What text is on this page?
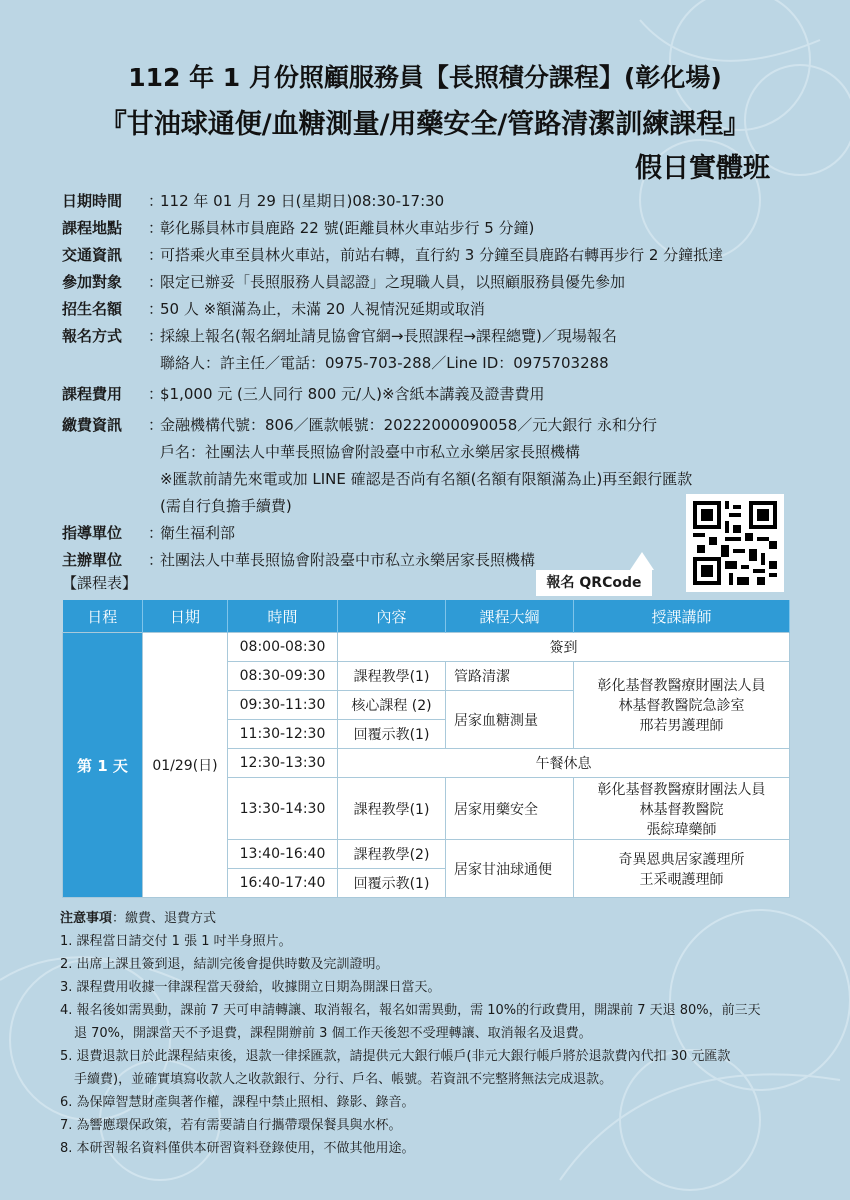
112 年 1 月份照顧服務員【長照積分課程】(彰化場)
『甘油球通便/血糖測量/用藥安全/管路清潔訓練課程』
假日實體班
日期時間	：
112 年 01 月 29 日(星期日)08:30-17:30
課程地點	：
彰化縣員林市員鹿路 22 號(距離員林火車站步行 5 分鐘)
交通資訊	：
可搭乘火車至員林火車站，前站右轉，直行約 3 分鐘至員鹿路右轉再步行 2 分鐘抵達
參加對象	：
限定已辦妥「長照服務人員認證」之現職人員，以照顧服務員優先參加
招生名額	：
50 人 ※額滿為止，未滿 20 人視情況延期或取消
報名方式	：
採線上報名(報名網址請見協會官網→長照課程→課程總覽)／現場報名
聯絡人：許主任／電話：0975-703-288／Line ID：0975703288
課程費用	：
$1,000 元 (三人同行 800 元/人)※含紙本講義及證書費用
繳費資訊	：
金融機構代號：806／匯款帳號：20222000090058／元大銀行 永和分行
戶名：社團法人中華長照協會附設臺中市私立永樂居家長照機構
※匯款前請先來電或加 LINE 確認是否尚有名額(名額有限額滿為止)再至銀行匯款
(需自行負擔手續費)
指導單位	：
衛生福利部
主辦單位	：
社團法人中華長照協會附設臺中市私立永樂居家長照機構
報名 QRCode
【課程表】
日程	日期	時間	內容	課程大綱	授課講師
第 1 天	01/29(日)	08:00-08:30	簽到		
		08:30-09:30	課程教學(1)	管路清潔	彰化基督教醫療財團法人員
林基督教醫院急診室
邢若男護理師

		09:30-11:30	核心課程 (2)	居家血糖測量	
		11:30-12:30	回覆示教(1)		
		12:30-13:30	午餐休息		
		13:30-14:30	課程教學(1)	居家用藥安全	彰化基督教醫療財團法人員
林基督教醫院
張綜瑋藥師

		13:40-16:40	課程教學(2)	居家甘油球通便	奇異恩典居家護理所
王采覗護理師

		16:40-17:40	回覆示教(1)		
注意事項：繳費、退費方式
1. 課程當日請交付 1 張 1 吋半身照片。
2. 出席上課且簽到退，結訓完後會提供時數及完訓證明。
3. 課程費用收據一律課程當天發給，收據開立日期為開課日當天。
4. 報名後如需異動，課前 7 天可申請轉讓、取消報名，報名如需異動，需 10%的行政費用，開課前 7 天退 80%，前三天
退 70%，開課當天不予退費，課程開辦前 3 個工作天後恕不受理轉讓、取消報名及退費。
5. 退費退款日於此課程結束後，退款一律採匯款，請提供元大銀行帳戶(非元大銀行帳戶將於退款費內代扣 30 元匯款
手續費)，並確實填寫收款人之收款銀行、分行、戶名、帳號。若資訊不完整將無法完成退款。
6. 為保障智慧財產與著作權，課程中禁止照相、錄影、錄音。
7. 為響應環保政策，若有需要請自行攜帶環保餐具與水杯。
8. 本研習報名資料僅供本研習資料登錄使用，不做其他用途。
